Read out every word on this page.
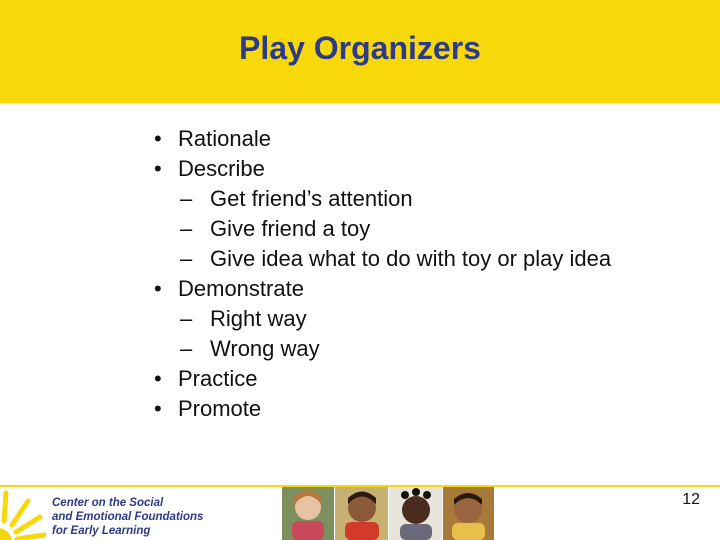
Play Organizers
• Rationale
• Describe
– Get friend’s attention
– Give friend a toy
– Give idea what to do with toy or play idea
• Demonstrate
– Right way
– Wrong way
• Practice
• Promote
Center on the Social
and Emotional Foundations
for Early Learning
12
